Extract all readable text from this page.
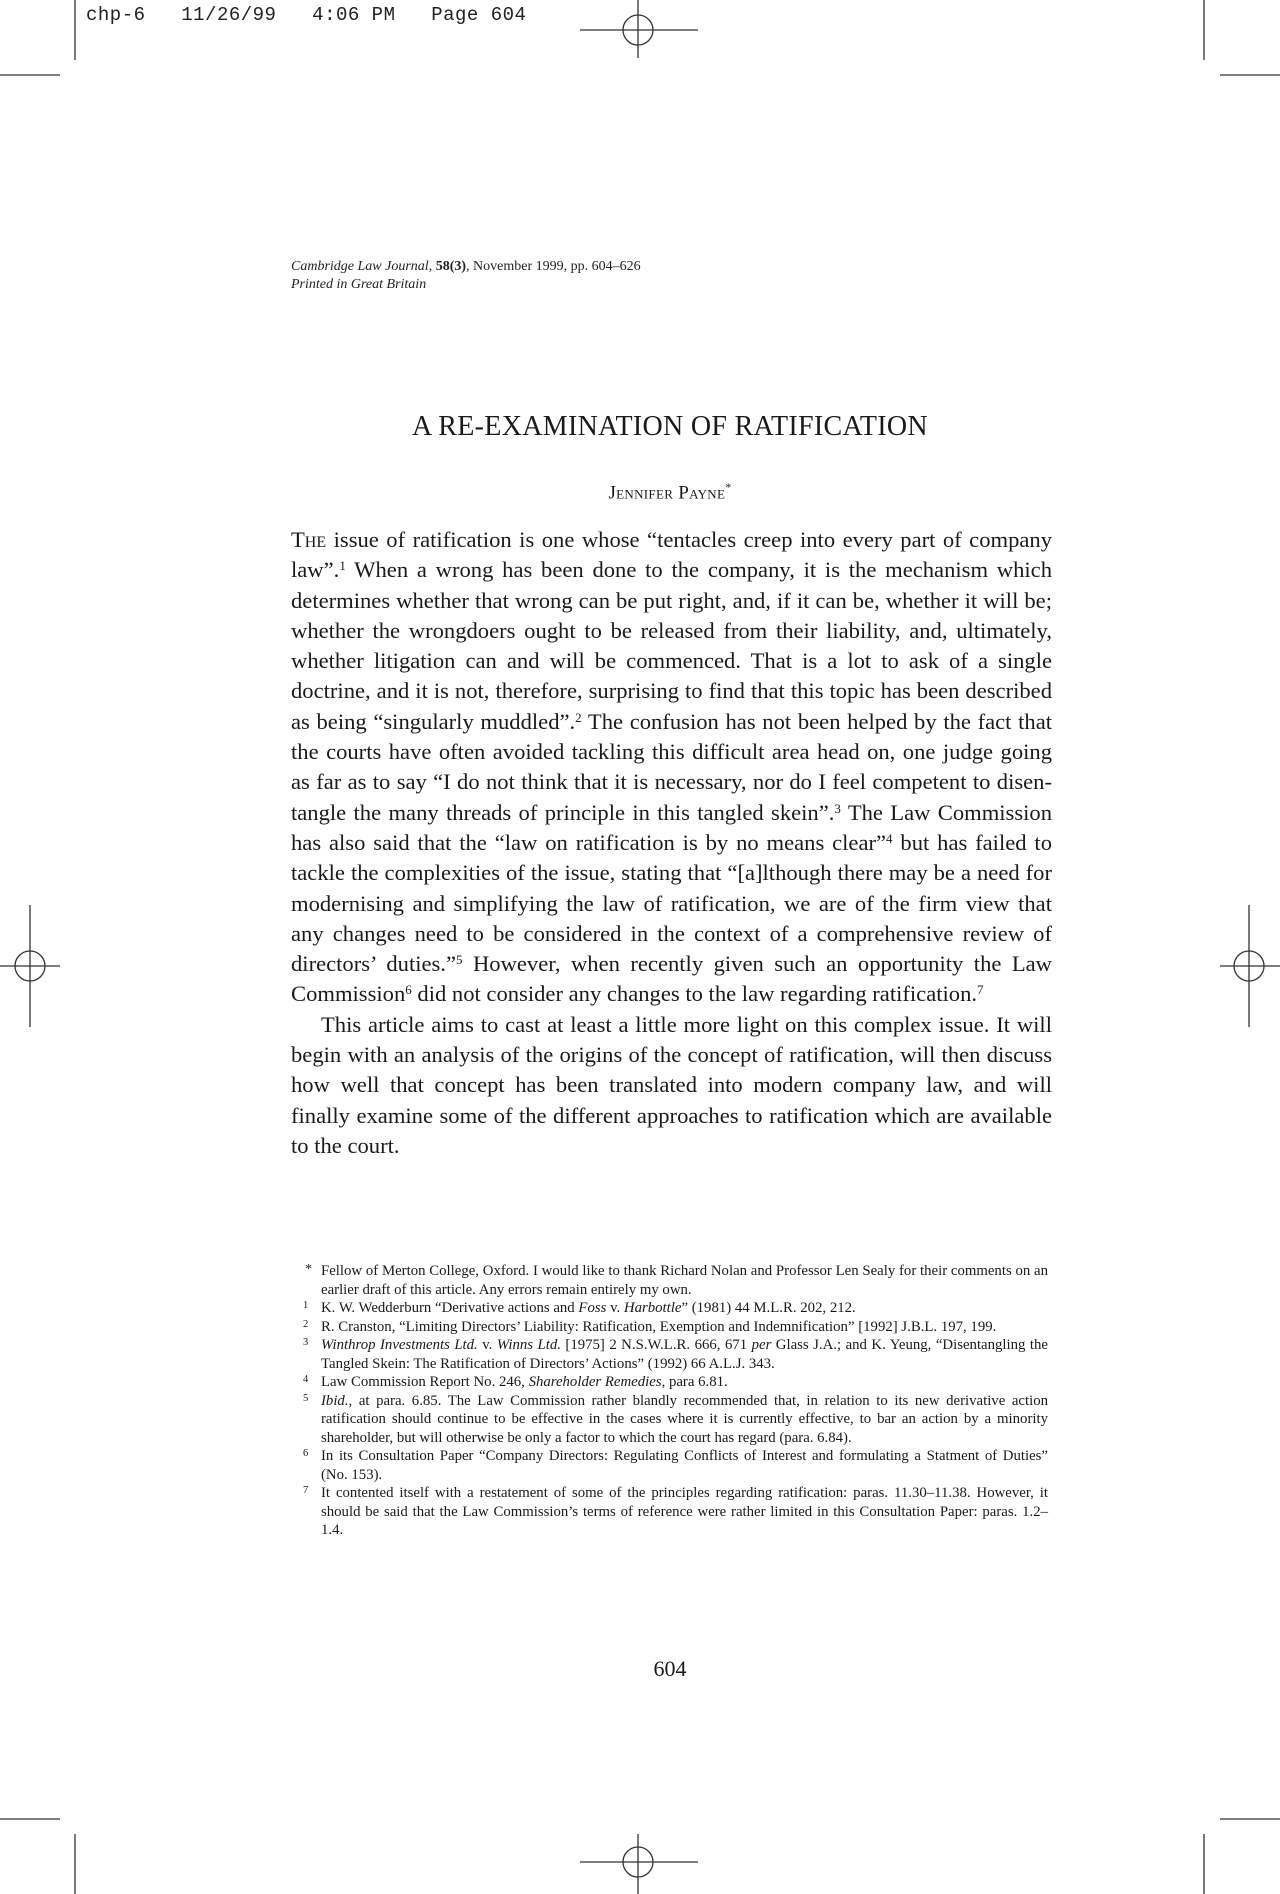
chp-6 11/26/99 4:06 PM Page 604
Cambridge Law Journal, 58(3), November 1999, pp. 604–626
Printed in Great Britain
A RE-EXAMINATION OF RATIFICATION
Jennifer Payne*

The issue of ratification is one whose “tentacles creep into every part of company law”.$^1$ When a wrong has been done to the company, it is the mechanism which determines whether that wrong can be put right, and, if it can be, whether it will be; whether the wrongdoers ought to be released from their liability, and, ultimately, whether litigation can and will be commenced. That is a lot to ask of a single doctrine, and it is not, therefore, surprising to find that this topic has been described as being “singularly muddled”.$^2$ The confusion has not been helped by the fact that the courts have often avoided tackling this difficult area head on, one judge going as far as to say “I do not think that it is necessary, nor do I feel competent to disentangle the many threads of principle in this tangled skein”.$^3$ The Law Commission has also said that the “law on ratification is by no means clear”$^4$ but has failed to tackle the complexities of the issue, stating that “[a]lthough there may be a need for modernising and simplifying the law of ratification, we are of the firm view that any changes need to be considered in the context of a comprehensive review of directors’ duties.”$^5$ However, when recently given such an opportunity the Law Commission$^6$ did not consider any changes to the law regarding ratification.$^7$

This article aims to cast at least a little more light on this complex issue. It will begin with an analysis of the origins of the concept of ratification, will then discuss how well that concept has been translated into modern company law, and will finally examine some of the different approaches to ratification which are available to the court.

* Fellow of Merton College, Oxford. I would like to thank Richard Nolan and Professor Len Sealy for their comments on an earlier draft of this article. Any errors remain entirely my own.
1 K. W. Wedderburn “Derivative actions and Foss v. Harbottle” (1981) 44 M.L.R. 202, 212.
2 R. Cranston, “Limiting Directors’ Liability: Ratification, Exemption and Indemnification” [1992] J.B.L. 197, 199.
3 Winthrop Investments Ltd. v. Winns Ltd. [1975] 2 N.S.W.L.R. 666, 671 per Glass J.A.; and K. Yeung, “Disentangling the Tangled Skein: The Ratification of Directors’ Actions” (1992) 66 A.L.J. 343.
4 Law Commission Report No. 246, Shareholder Remedies, para 6.81.
5 Ibid., at para. 6.85. The Law Commission rather blandly recommended that, in relation to its new derivative action ratification should continue to be effective in the cases where it is currently effective, to bar an action by a minority shareholder, but will otherwise be only a factor to which the court has regard (para. 6.84).
6 In its Consultation Paper “Company Directors: Regulating Conflicts of Interest and formulating a Statment of Duties” (No. 153).
7 It contented itself with a restatement of some of the principles regarding ratification: paras. 11.30–11.38. However, it should be said that the Law Commission’s terms of reference were rather limited in this Consultation Paper: paras. 1.2–1.4.
604
